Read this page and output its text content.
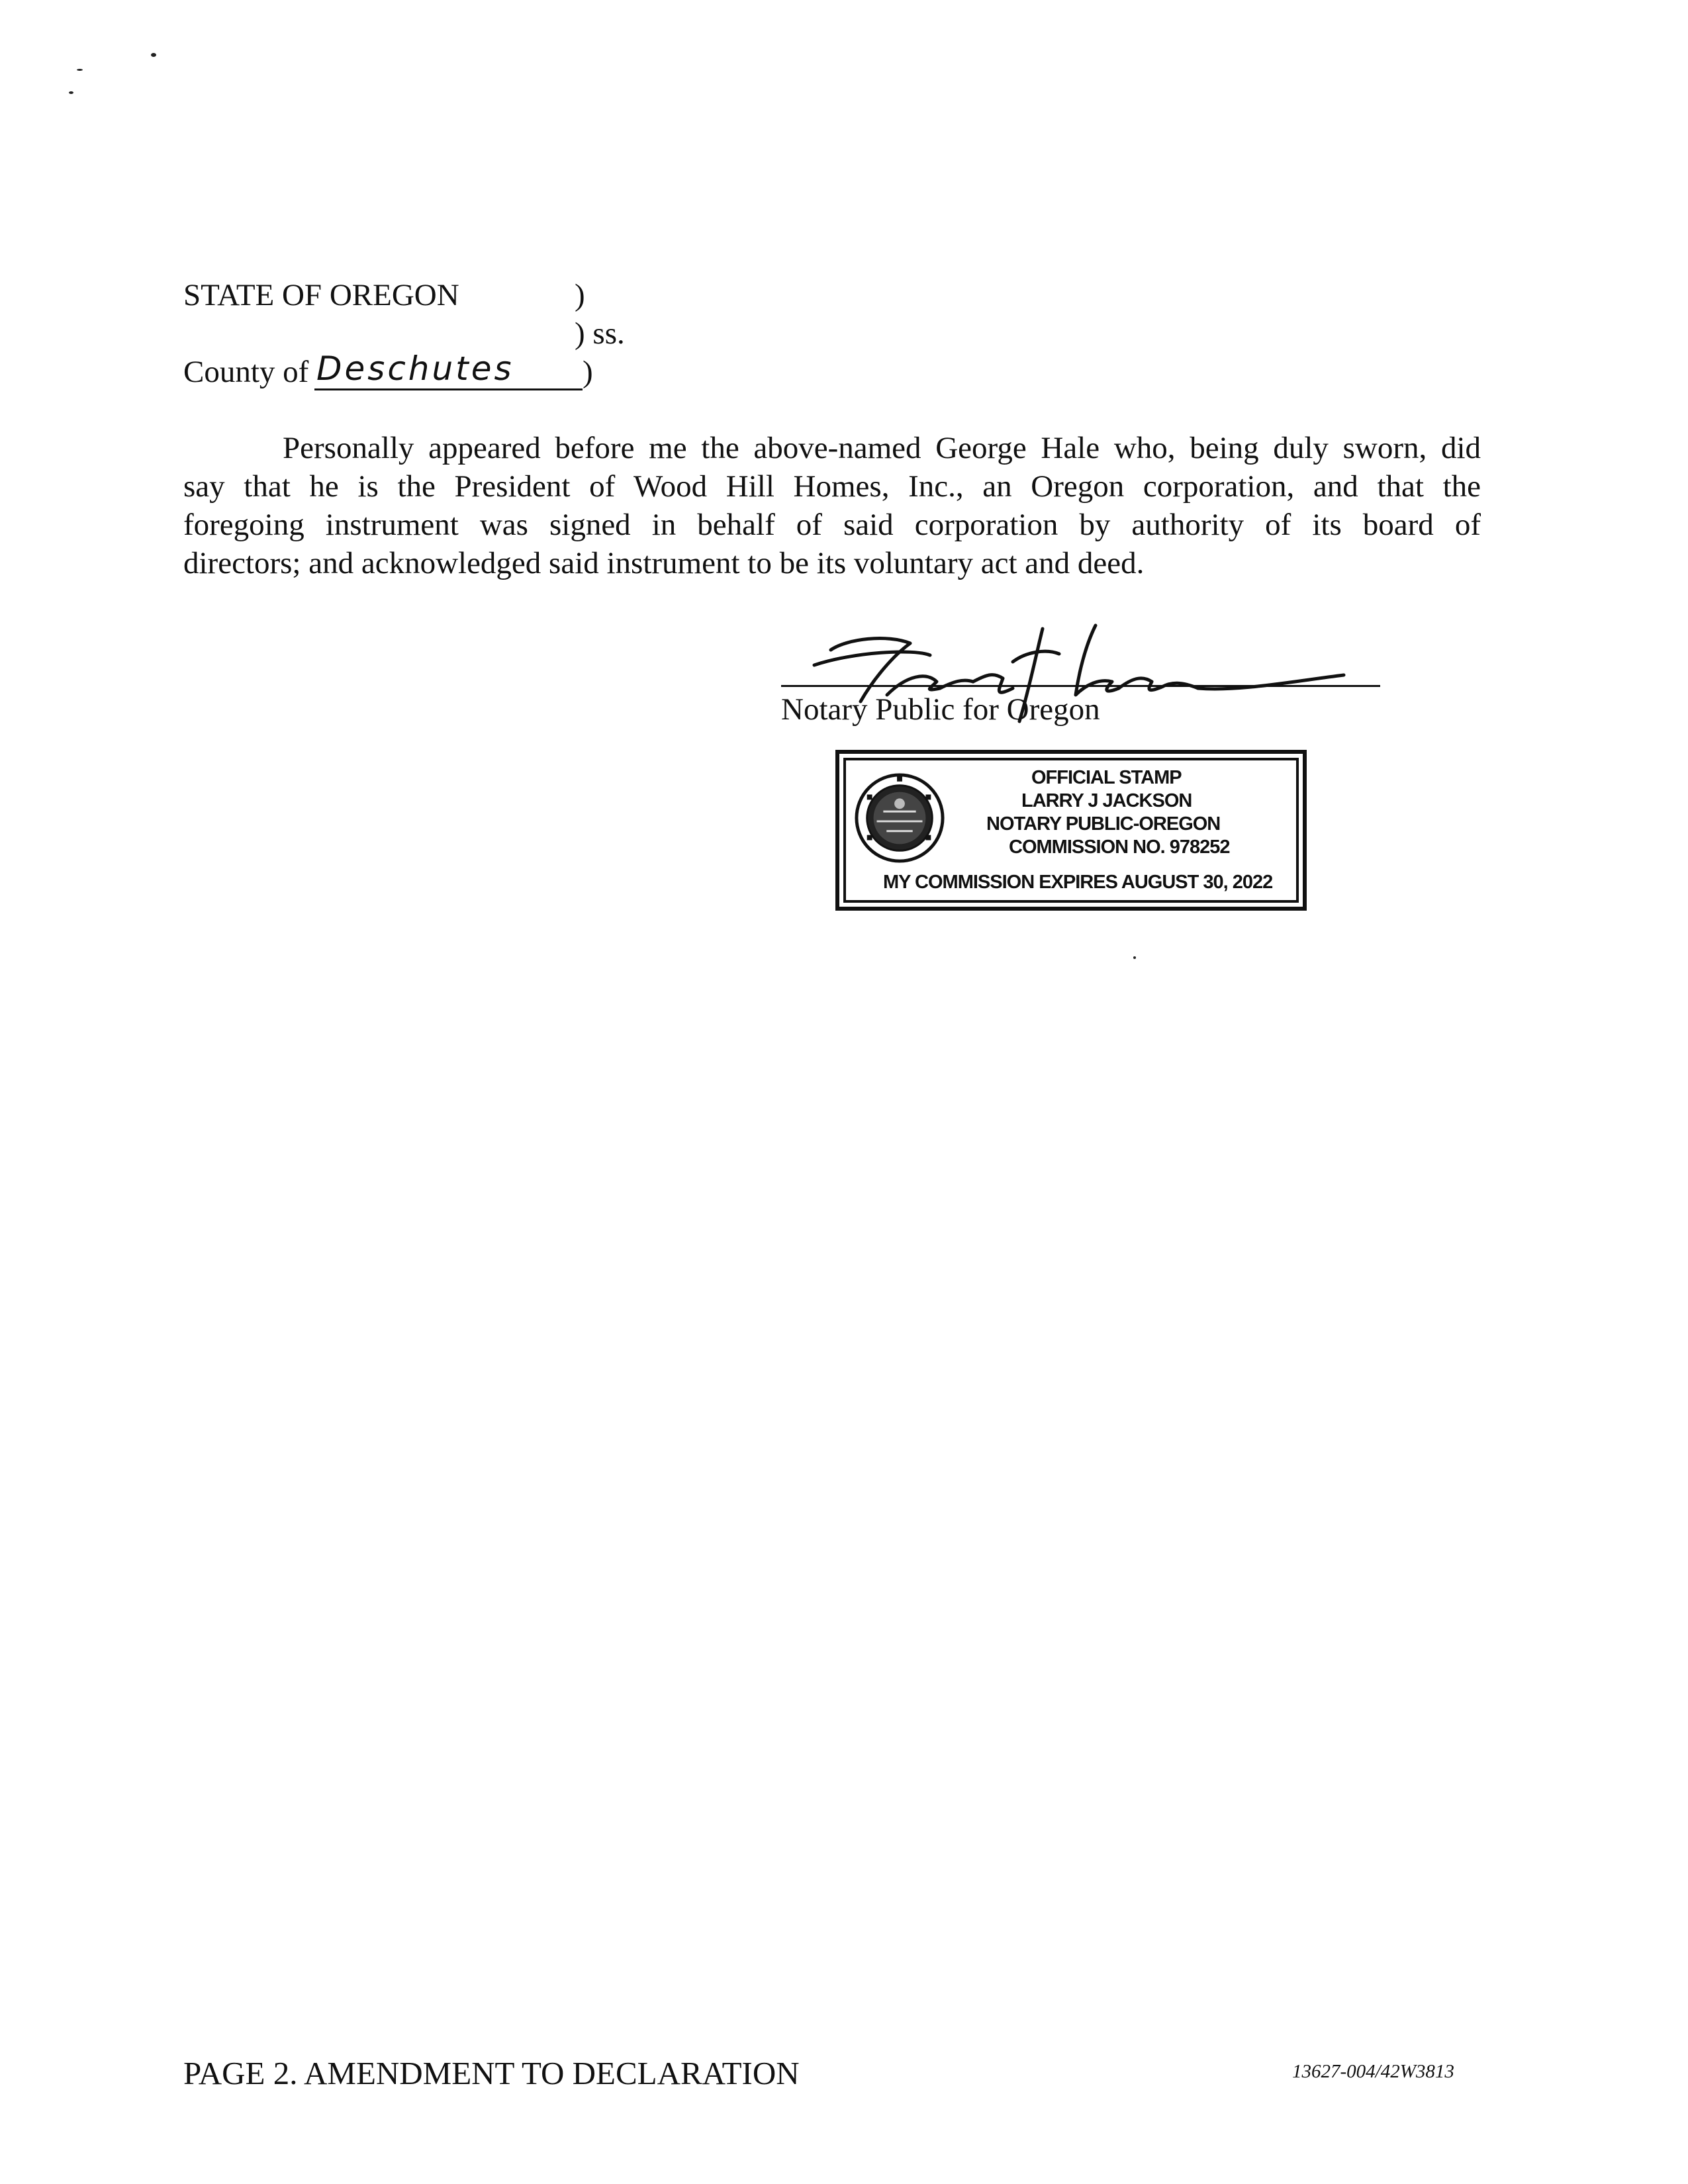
STATE OF OREGON	)
) ss.
County of Deschutes )
Personally appeared before me the above-named George Hale who, being duly sworn, did
say that he is the President of Wood Hill Homes, Inc., an Oregon corporation, and that the
foregoing instrument was signed in behalf of said corporation by authority of its board of
directors; and acknowledged said instrument to be its voluntary act and deed.
Notary Public for Oregon
OFFICIAL STAMP
LARRY J JACKSON
NOTARY PUBLIC-OREGON
COMMISSION NO. 978252
MY COMMISSION EXPIRES AUGUST 30, 2022
PAGE 2. AMENDMENT TO DECLARATION	13627-004/42W3813
